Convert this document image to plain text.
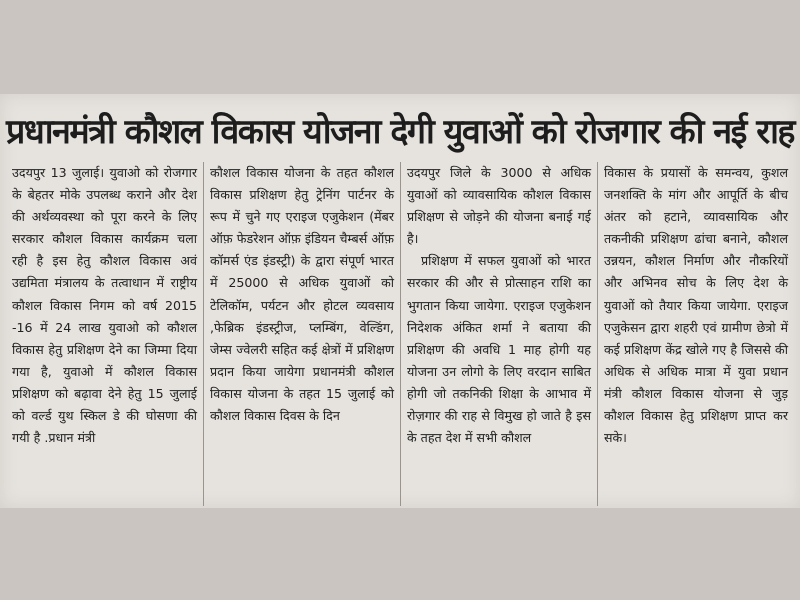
प्रधानमंत्री कौशल विकास योजना देगी युवाओं को रोजगार की नई राह

उदयपुर 13 जुलाई। युवाओ को रोजगार के बेहतर मोके उपलब्ध कराने और देश की अर्थव्यवस्था को पूरा करने के लिए सरकार कौशल विकास कार्यक्रम चला रही है इस हेतु कौशल विकास अवं उद्यमिता मंत्रालय के तत्वाधान में राष्ट्रीय कौशल विकास निगम को वर्ष 2015 -16 में 24 लाख युवाओ को कौशल विकास हेतु प्रशिक्षण देने का जिम्मा दिया गया है, युवाओ में कौशल विकास प्रशिक्षण को बढ़ावा देने हेतु 15 जुलाई को वर्ल्ड युथ स्किल डे की घोसणा की गयी है .प्रधान मंत्री

कौशल विकास योजना के तहत कौशल विकास प्रशिक्षण हेतु ट्रेनिंग पार्टनर के रूप में चुने गए एराइज एजुकेशन (मेंबर ऑफ़ फेडरेशन ऑफ़ इंडियन चैम्बर्स ऑफ़ कॉमर्स एंड इंडस्ट्री) के द्वारा संपूर्ण भारत में 25000 से अधिक युवाओं को टेलिकॉम, पर्यटन और होटल व्यवसाय ,फेब्रिक इंडस्ट्रीज, प्लम्बिंग, वेल्डिंग, जेम्स ज्वेलरी सहित कई क्षेत्रों में प्रशिक्षण प्रदान किया जायेगा प्रधानमंत्री कौशल विकास योजना के तहत 15 जुलाई को कौशल विकास दिवस के दिन

उदयपुर जिले के 3000 से अधिक युवाओं को व्यावसायिक कौशल विकास प्रशिक्षण से जोड़ने की योजना बनाई गई है।

प्रशिक्षण में सफल युवाओं को भारत सरकार की और से प्रोत्साहन राशि का भुगतान किया जायेगा. एराइज एजुकेशन निदेशक अंकित शर्मा ने बताया की प्रशिक्षण की अवधि 1 माह होगी यह योजना उन लोगो के लिए वरदान साबित होगी जो तकनिकी शिक्षा के आभाव में रोज़गार की राह से विमुख हो जाते है इस के तहत देश में सभी कौशल

विकास के प्रयासों के समन्वय, कुशल जनशक्ति के मांग और आपूर्ति के बीच अंतर को हटाने, व्यावसायिक और तकनीकी प्रशिक्षण ढांचा बनाने, कौशल उन्नयन, कौशल निर्माण और नौकरियों और अभिनव सोच के लिए देश के युवाओं को तैयार किया जायेगा. एराइज एजुकेसन द्वारा शहरी एवं ग्रामीण छेत्रो में कई प्रशिक्षण केंद्र खोले गए है जिससे की अधिक से अधिक मात्रा में युवा प्रधान मंत्री कौशल विकास योजना से जुड़ कौशल विकास हेतु प्रशिक्षण प्राप्त कर सके।
